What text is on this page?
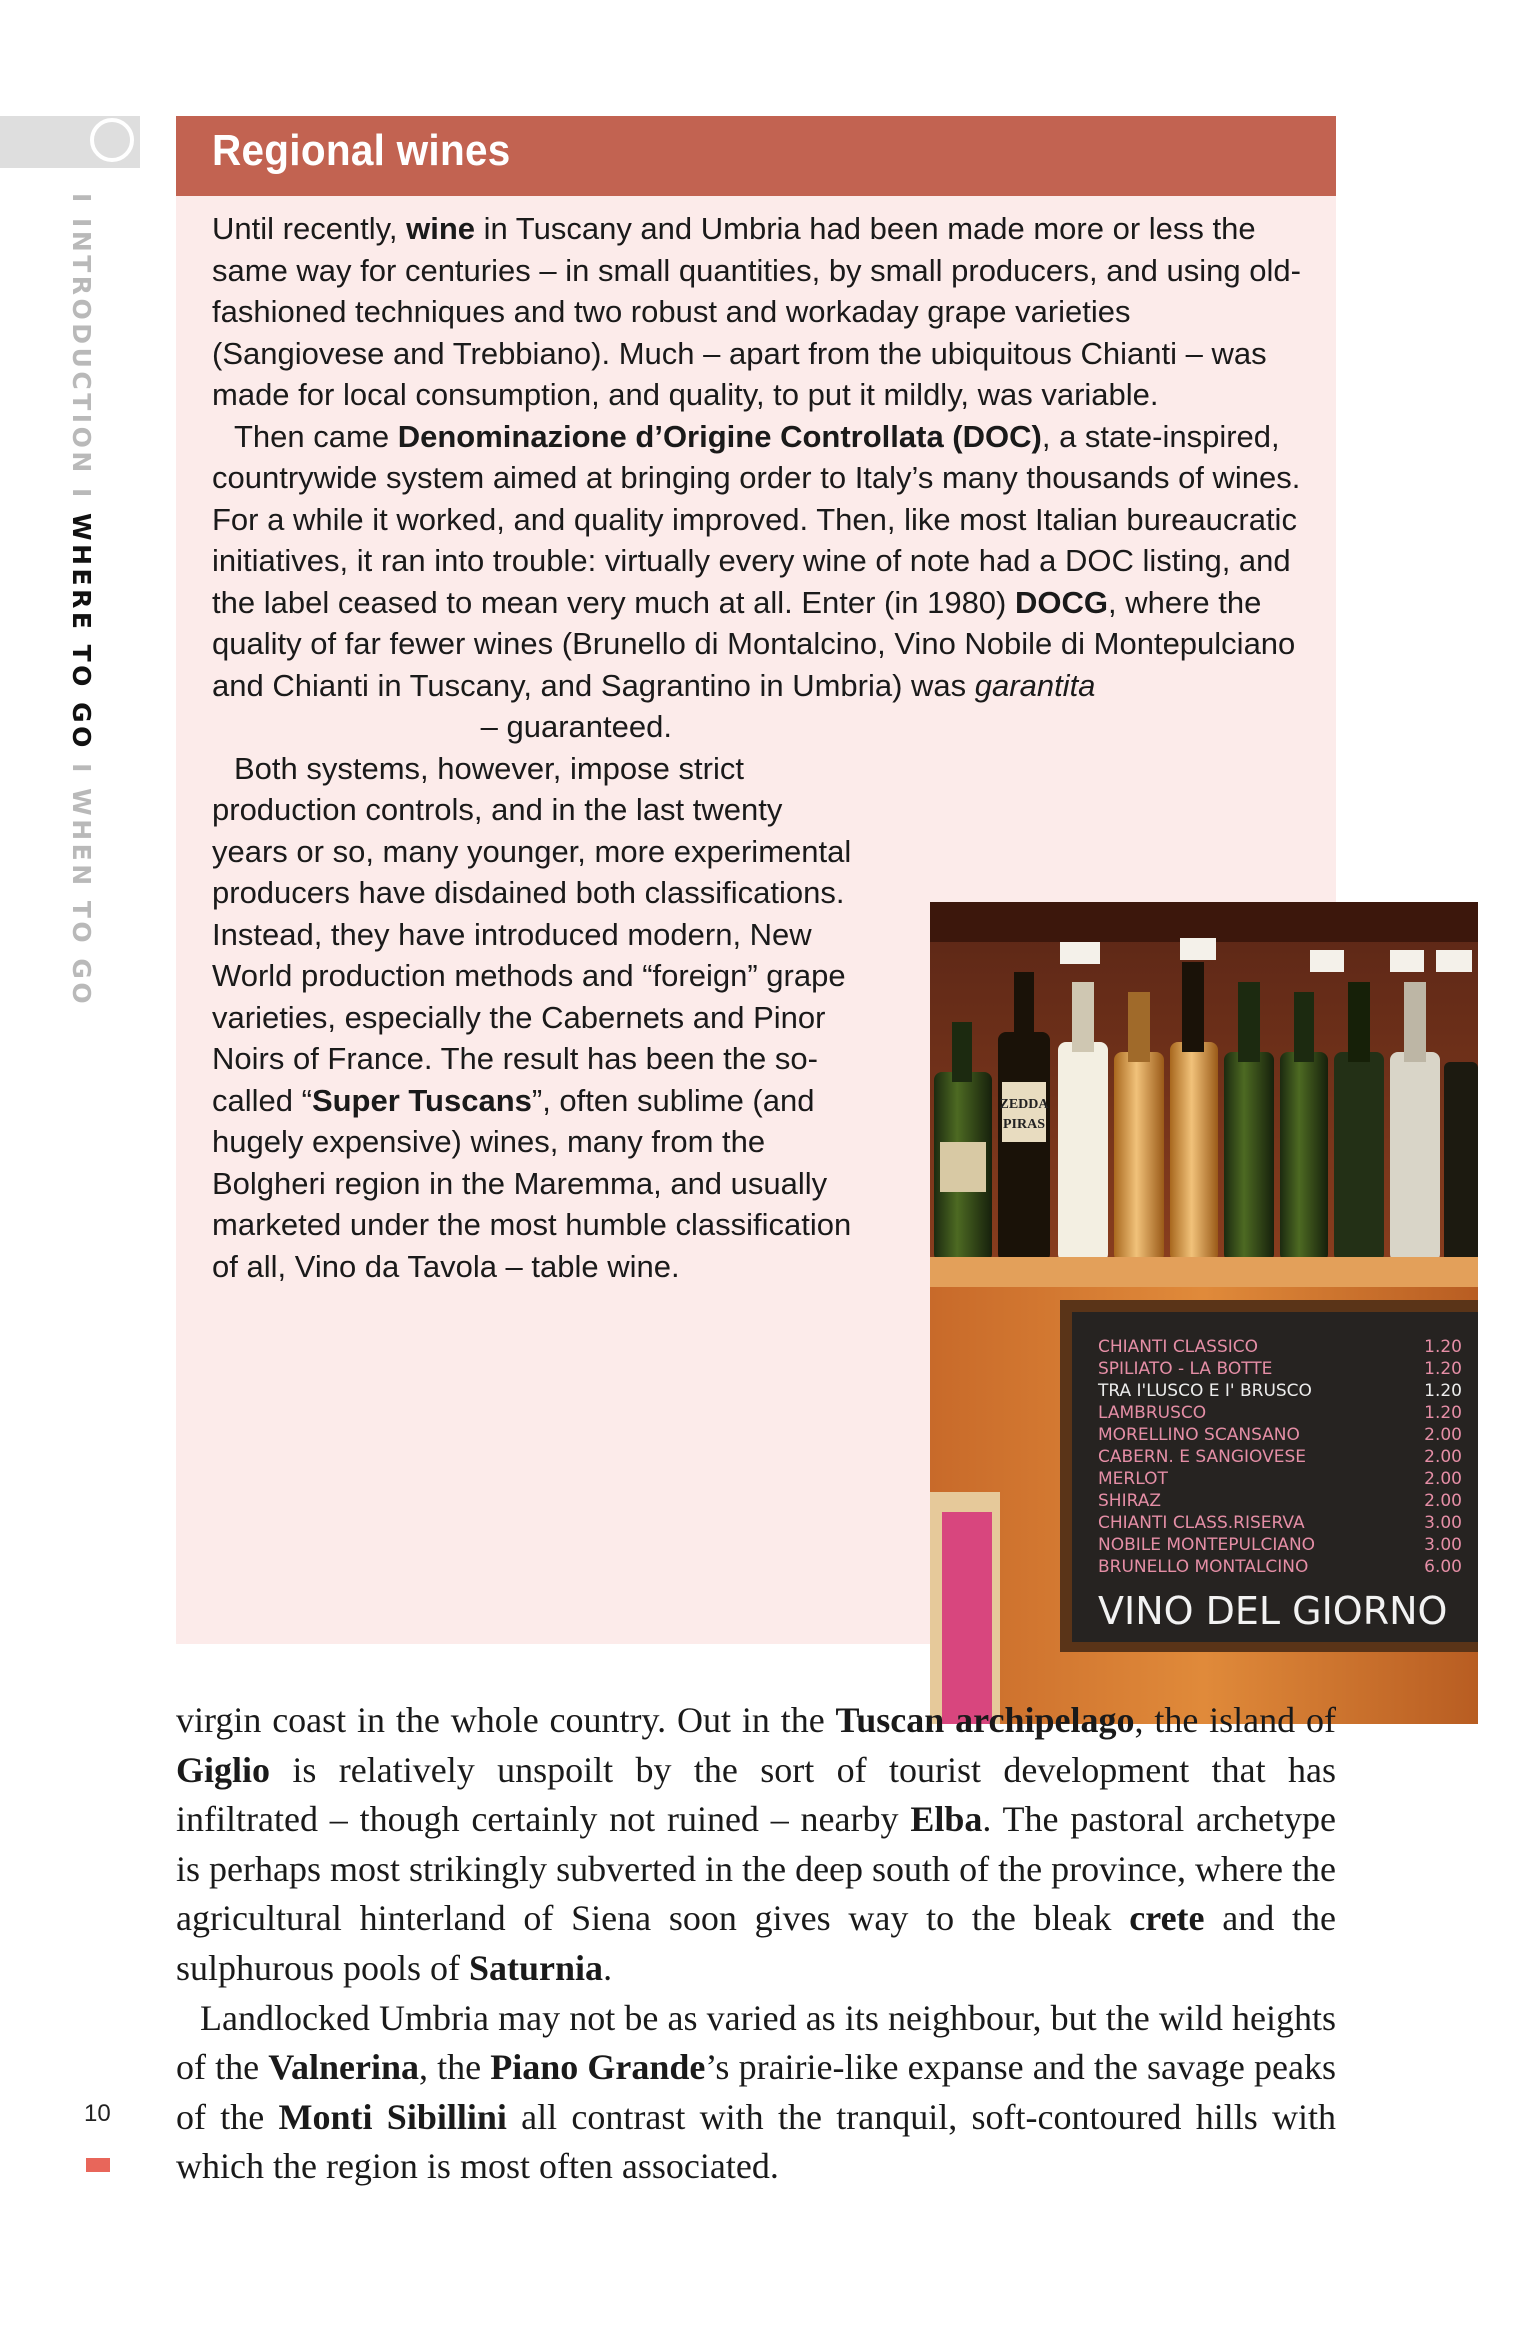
I INTRODUCTION I WHERE TO GO I WHEN TO GO
Regional wines

Until recently, wine in Tuscany and Umbria had been made more or less the same way for centuries – in small quantities, by small producers, and using old-fashioned techniques and two robust and workaday grape varieties (Sangiovese and Trebbiano). Much – apart from the ubiquitous Chianti – was made for local consumption, and quality, to put it mildly, was variable.

Then came Denominazione d’Origine Controllata (DOC), a state-inspired, countrywide system aimed at bringing order to Italy’s many thousands of wines. For a while it worked, and quality improved. Then, like most Italian bureaucratic initiatives, it ran into trouble: virtually every wine of note had a DOC listing, and the label ceased to mean very much at all. Enter (in 1980) DOCG, where the quality of far fewer wines (Brunello di Montalcino, Vino Nobile di Montepulciano and Chianti in Tuscany, and Sagrantino in Umbria) was garantita – guaranteed.

Both systems, however, impose strict production controls, and in the last twenty years or so, many younger, more experimental producers have disdained both classifications. Instead, they have introduced modern, New World production methods and “foreign” grape varieties, especially the Cabernets and Pinor Noirs of France. The result has been the so-called “Super Tuscans”, often sublime (and hugely expensive) wines, many from the Bolgheri region in the Maremma, and usually marketed under the most humble classification of all, Vino da Tavola – table wine.

ZEDDA
PIRAS
CHIANTI CLASSICO	1.20
SPILIATO - LA BOTTE	1.20
TRA I'LUSCO E I' BRUSCO	1.20
LAMBRUSCO	1.20
MORELLINO SCANSANO	2.00
CABERN. E SANGIOVESE	2.00
MERLOT	2.00
SHIRAZ	2.00
CHIANTI CLASS.RISERVA	3.00
NOBILE MONTEPULCIANO	3.00
BRUNELLO MONTALCINO	6.00
VINO DEL GIORNO

virgin coast in the whole country. Out in the Tuscan archipelago, the island of Giglio is relatively unspoilt by the sort of tourist development that has infiltrated – though certainly not ruined – nearby Elba. The pastoral archetype is perhaps most strikingly subverted in the deep south of the province, where the agricultural hinterland of Siena soon gives way to the bleak crete and the sulphurous pools of Saturnia.

Landlocked Umbria may not be as varied as its neighbour, but the wild heights of the Valnerina, the Piano Grande’s prairie-like expanse and the savage peaks of the Monti Sibillini all contrast with the tranquil, soft-contoured hills with which the region is most often associated.

10
